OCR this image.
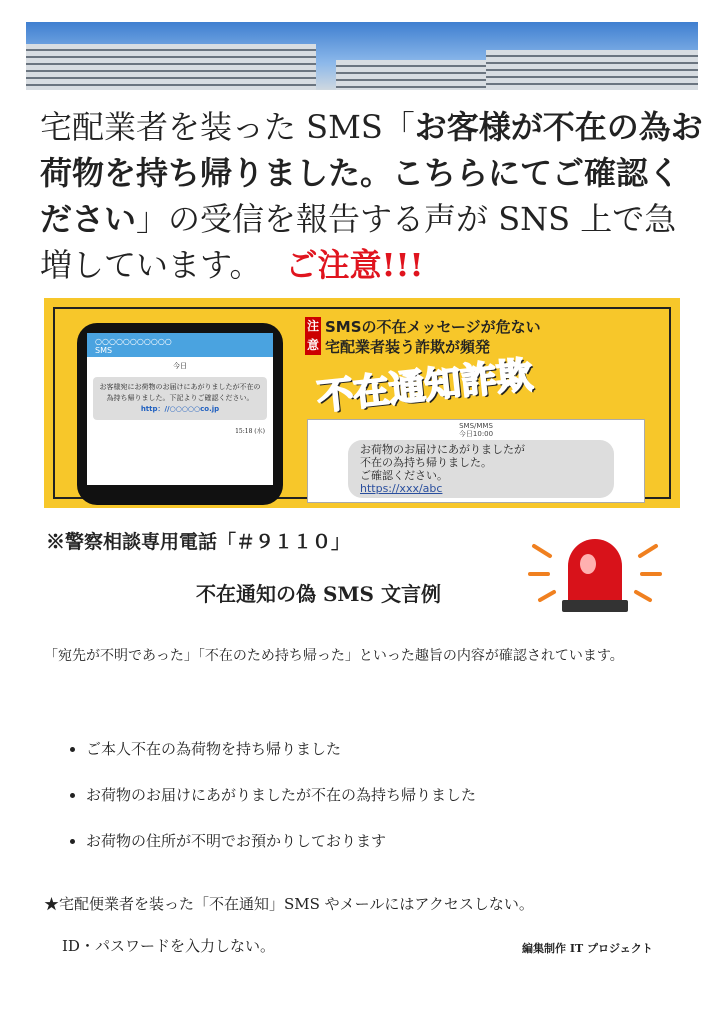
宅配業者を装った SMS「お客様が不在の為お荷物を持ち帰りました。こちらにてご確認ください」の受信を報告する声が SNS 上で急増しています。 ご注意!!!
○○○○○○○○○○○
SMS
今日
お客様宛にお荷物のお届けにあがりましたが不在の為持ち帰りました。下記よりご確認ください。
http：//○○○○○co.jp
15:18 (水)
注意SMSの不在メッセージが危ない
宅配業者装う詐欺が頻発
不在通知詐欺
SMS/MMS
今日10:00
お荷物のお届けにあがりましたが
不在の為持ち帰りました。
ご確認ください。
https://xxx/abc
※警察相談専用電話「＃９１１０」
不在通知の偽 SMS 文言例
「宛先が不明であった」「不在のため持ち帰った」といった趣旨の内容が確認されています。
• ご本人不在の為荷物を持ち帰りました
• お荷物のお届けにあがりましたが不在の為持ち帰りました
• お荷物の住所が不明でお預かりしております
★宅配便業者を装った「不在通知」SMS やメールにはアクセスしない。
ID・パスワードを入力しない。	編集制作 IT プロジェクト
